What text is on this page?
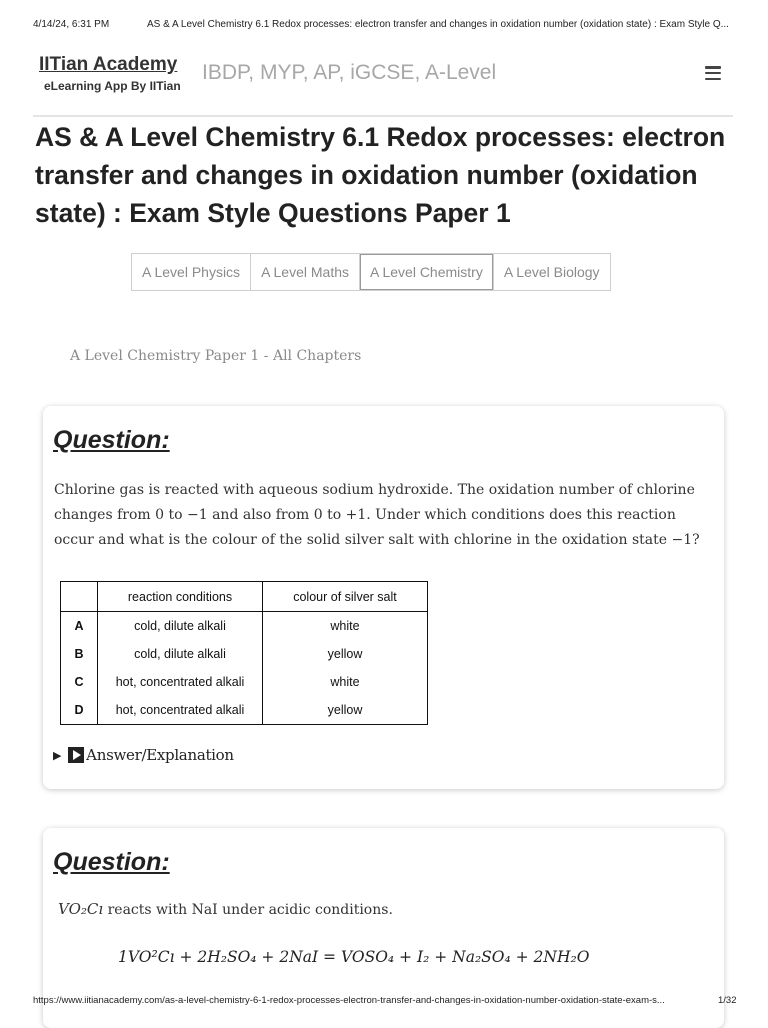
4/14/24, 6:31 PM	AS & A Level Chemistry 6.1 Redox processes: electron transfer and changes in oxidation number (oxidation state) : Exam Style Q...
IITian Academy
eLearning App By IITian
IBDP, MYP, AP, iGCSE, A-Level
AS & A Level Chemistry 6.1 Redox processes: electron transfer and changes in oxidation number (oxidation state) : Exam Style Questions Paper 1
A Level Physics	A Level Maths	A Level Chemistry	A Level Biology
A Level Chemistry Paper 1 - All Chapters
Question:

Chlorine gas is reacted with aqueous sodium hydroxide. The oxidation number of chlorine changes from 0 to −1 and also from 0 to +1. Under which conditions does this reaction occur and what is the colour of the solid silver salt with chlorine in the oxidation state −1?

	reaction conditions	colour of silver salt
A	cold, dilute alkali	white
B	cold, dilute alkali	yellow
C	hot, concentrated alkali	white
D	hot, concentrated alkali	yellow
▶ Answer/Explanation
Question:

VO₂Cı reacts with NaI under acidic conditions.

1VO²Cı + 2H₂SO₄ + 2NaI = VOSO₄ + I₂ + Na₂SO₄ + 2NH₂O

https://www.iitianacademy.com/as-a-level-chemistry-6-1-redox-processes-electron-transfer-and-changes-in-oxidation-number-oxidation-state-exam-s...	1/32
